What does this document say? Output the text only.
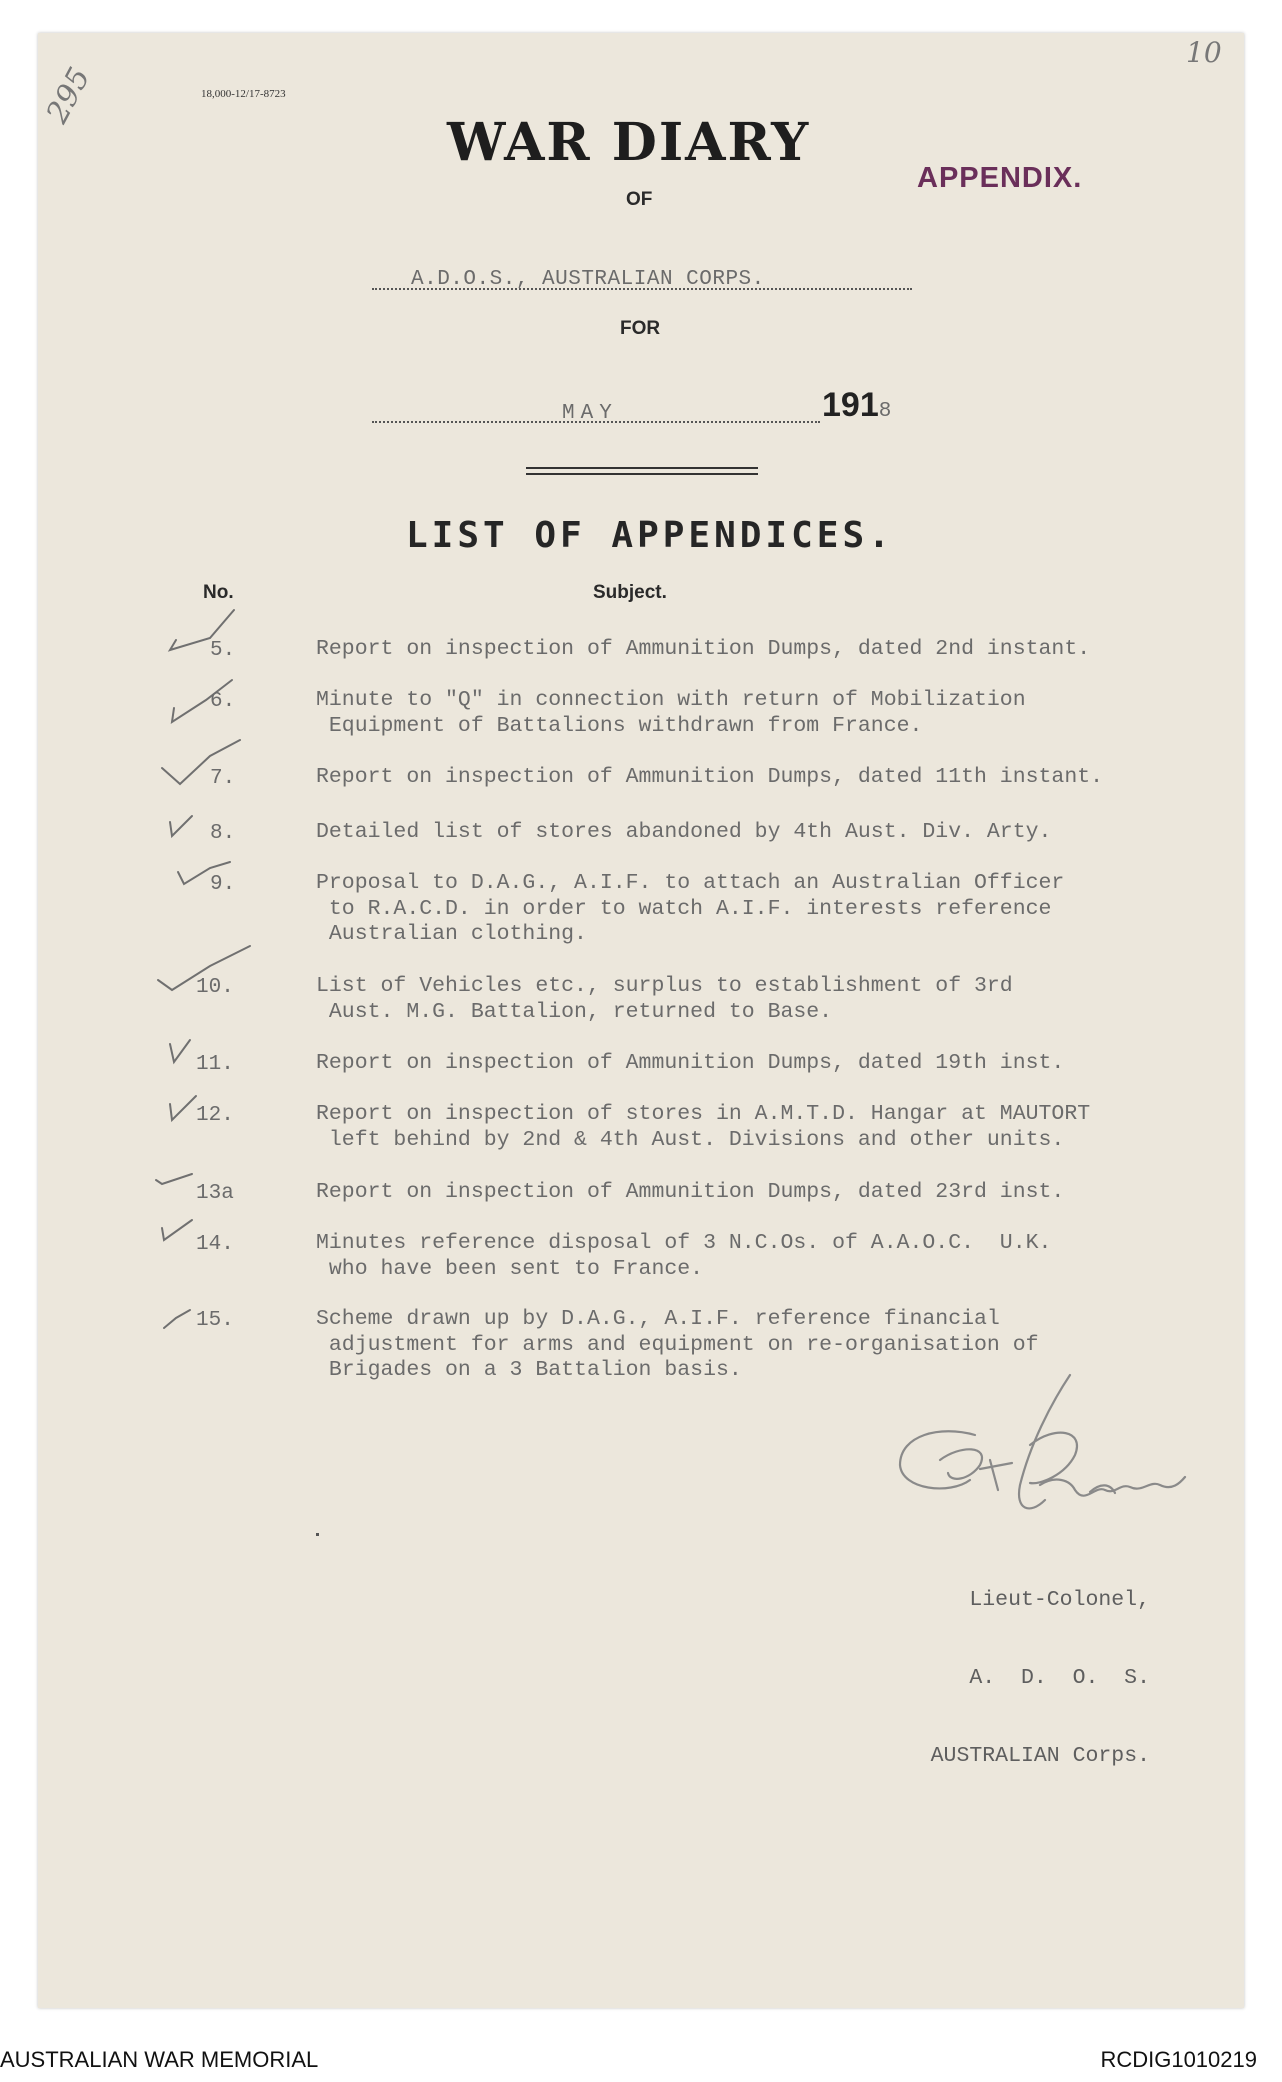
295
10
18,000-12/17-8723
WAR DIARY
OF
APPENDIX.
A.D.O.S., AUSTRALIAN CORPS.
FOR
MAY	1918
LIST OF APPENDICES.
No.	Subject.
5.	Report on inspection of Ammunition Dumps, dated 2nd instant.
6.	Minute to "Q" in connection with return of Mobilization
Equipment of Battalions withdrawn from France.
7.	Report on inspection of Ammunition Dumps, dated 11th instant.
8.	Detailed list of stores abandoned by 4th Aust. Div. Arty.
9.	Proposal to D.A.G., A.I.F. to attach an Australian Officer
to R.A.C.D. in order to watch A.I.F. interests reference
Australian clothing.
10.	List of Vehicles etc., surplus to establishment of 3rd
Aust. M.G. Battalion, returned to Base.
11.	Report on inspection of Ammunition Dumps, dated 19th inst.
12.	Report on inspection of stores in A.M.T.D. Hangar at MAUTORT
left behind by 2nd & 4th Aust. Divisions and other units.
13a	Report on inspection of Ammunition Dumps, dated 23rd inst.
14.	Minutes reference disposal of 3 N.C.Os. of A.A.O.C.  U.K.
who have been sent to France.
15.	Scheme drawn up by D.A.G., A.I.F. reference financial
adjustment for arms and equipment on re-organisation of
Brigades on a 3 Battalion basis.

Lieut-Colonel,

A.  D.  O.  S.

AUSTRALIAN Corps.

AUSTRALIAN WAR MEMORIAL	RCDIG1010219
